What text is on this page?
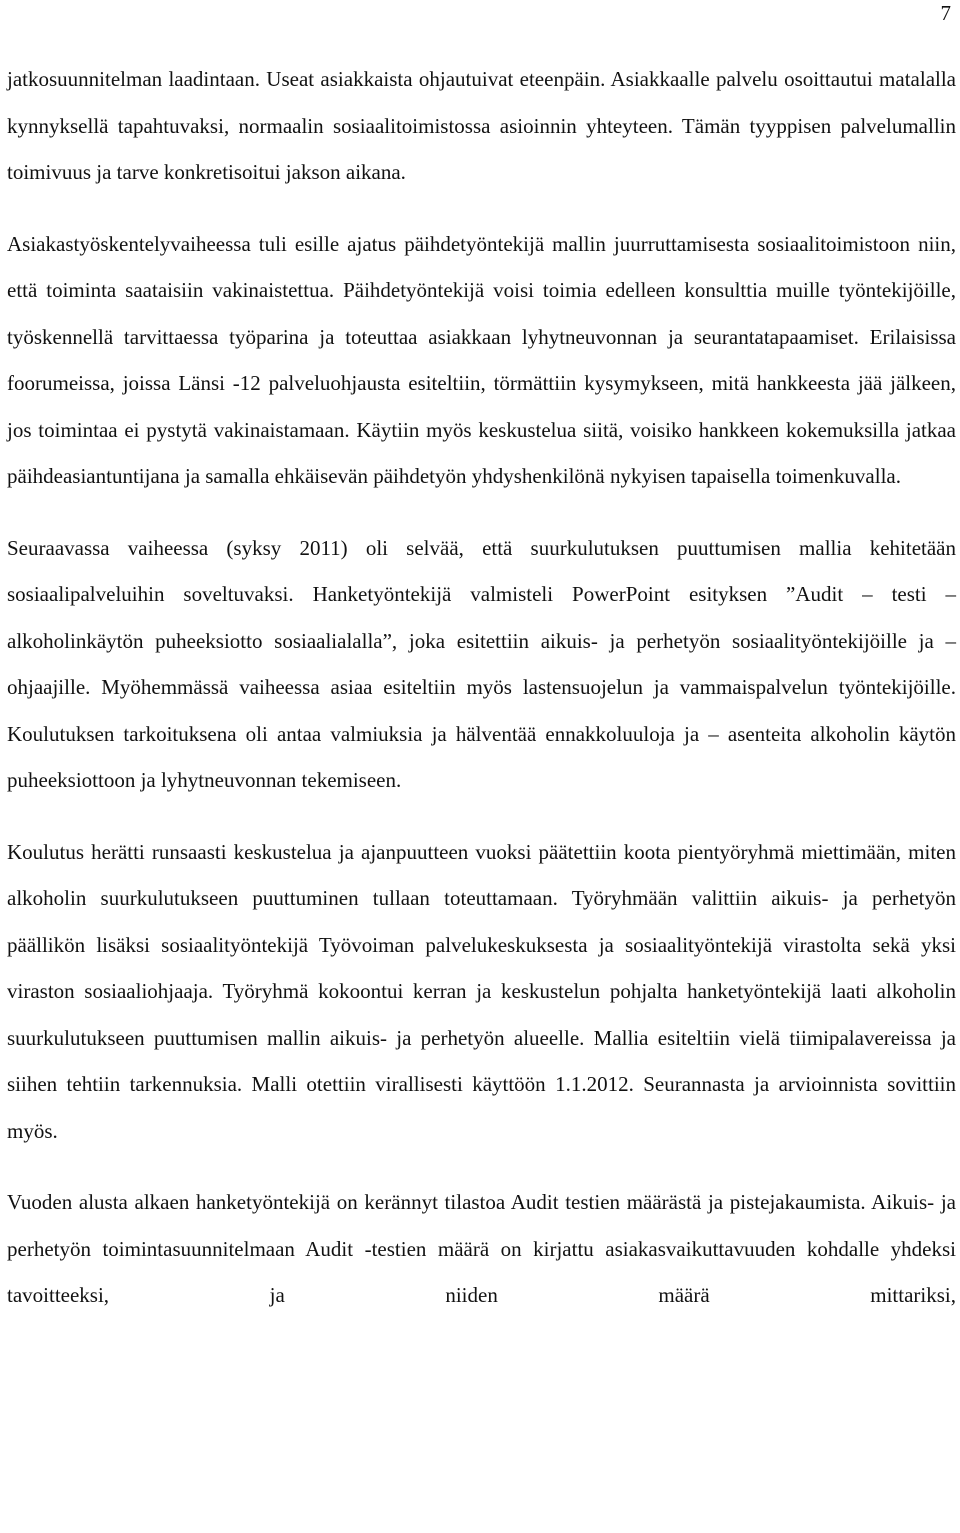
7

jatkosuunnitelman laadintaan. Useat asiakkaista ohjautuivat eteenpäin. Asiakkaalle palvelu osoittautui matalalla kynnyksellä tapahtuvaksi, normaalin sosiaalitoimistossa asioinnin yhteyteen. Tämän tyyppisen palvelumallin toimivuus ja tarve konkretisoitui jakson aikana.

Asiakastyöskentelyvaiheessa tuli esille ajatus päihdetyöntekijä mallin juurruttamisesta sosiaalitoimistoon niin, että toiminta saataisiin vakinaistettua. Päihdetyöntekijä voisi toimia edelleen konsulttia muille työntekijöille, työskennellä tarvittaessa työparina ja toteuttaa asiakkaan lyhytneuvonnan ja seurantatapaamiset. Erilaisissa foorumeissa, joissa Länsi -12 palveluohjausta esiteltiin, törmättiin kysymykseen, mitä hankkeesta jää jälkeen, jos toimintaa ei pystytä vakinaistamaan. Käytiin myös keskustelua siitä, voisiko hankkeen kokemuksilla jatkaa päihdeasiantuntijana ja samalla ehkäisevän päihdetyön yhdyshenkilönä nykyisen tapaisella toimenkuvalla.

Seuraavassa vaiheessa (syksy 2011) oli selvää, että suurkulutuksen puuttumisen mallia kehitetään sosiaalipalveluihin soveltuvaksi. Hanketyöntekijä valmisteli PowerPoint esityksen ”Audit – testi – alkoholinkäytön puheeksiotto sosiaalialalla”, joka esitettiin aikuis- ja perhetyön sosiaalityöntekijöille ja – ohjaajille. Myöhemmässä vaiheessa asiaa esiteltiin myös lastensuojelun ja vammaispalvelun työntekijöille. Koulutuksen tarkoituksena oli antaa valmiuksia ja hälventää ennakkoluuloja ja – asenteita alkoholin käytön puheeksiottoon ja lyhytneuvonnan tekemiseen.

Koulutus herätti runsaasti keskustelua ja ajanpuutteen vuoksi päätettiin koota pientyöryhmä miettimään, miten alkoholin suurkulutukseen puuttuminen tullaan toteuttamaan. Työryhmään valittiin aikuis- ja perhetyön päällikön lisäksi sosiaalityöntekijä Työvoiman palvelukeskuksesta ja sosiaalityöntekijä virastolta sekä yksi viraston sosiaaliohjaaja. Työryhmä kokoontui kerran ja keskustelun pohjalta hanketyöntekijä laati alkoholin suurkulutukseen puuttumisen mallin aikuis- ja perhetyön alueelle. Mallia esiteltiin vielä tiimipalavereissa ja siihen tehtiin tarkennuksia. Malli otettiin virallisesti käyttöön 1.1.2012. Seurannasta ja arvioinnista sovittiin myös.

Vuoden alusta alkaen hanketyöntekijä on kerännyt tilastoa Audit testien määrästä ja pistejakaumista. Aikuis- ja perhetyön toimintasuunnitelmaan Audit -testien määrä on kirjattu asiakasvaikuttavuuden kohdalle yhdeksi tavoitteeksi, ja niiden määrä mittariksi,
